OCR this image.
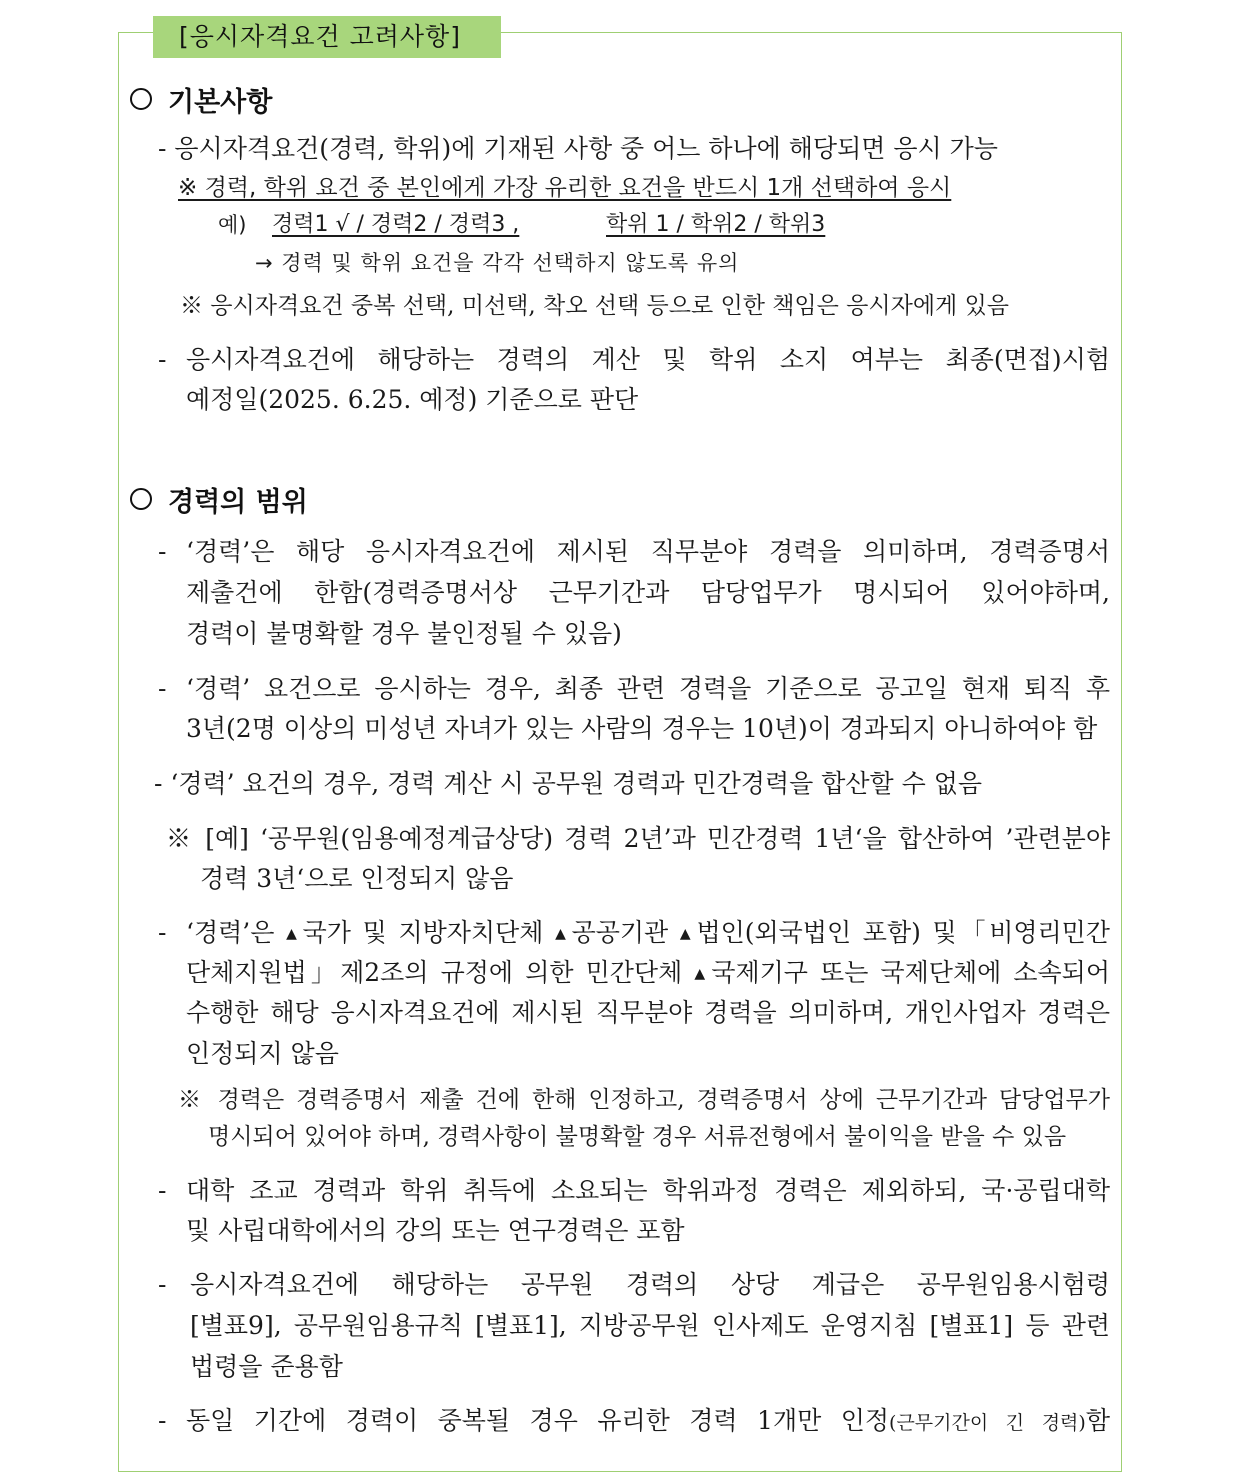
[응시자격요건 고려사항]
기본사항
- 응시자격요건(경력, 학위)에 기재된 사항 중 어느 하나에 해당되면 응시 가능
※ 경력, 학위 요건 중 본인에게 가장 유리한 요건을 반드시 1개 선택하여 응시
예) 경력1 √ / 경력2 / 경력3 ,	학위 1 / 학위2 / 학위3
→ 경력 및 학위 요건을 각각 선택하지 않도록 유의
※ 응시자격요건 중복 선택, 미선택, 착오 선택 등으로 인한 책임은 응시자에게 있음
- 응시자격요건에 해당하는 경력의 계산 및 학위 소지 여부는 최종(면접)시험
예정일(2025. 6.25. 예정) 기준으로 판단
경력의 범위
- ‘경력’은 해당 응시자격요건에 제시된 직무분야 경력을 의미하며, 경력증명서
제출건에 한함(경력증명서상 근무기간과 담당업무가 명시되어 있어야하며,
경력이 불명확할 경우 불인정될 수 있음)
- ‘경력’ 요건으로 응시하는 경우, 최종 관련 경력을 기준으로 공고일 현재 퇴직 후
3년(2명 이상의 미성년 자녀가 있는 사람의 경우는 10년)이 경과되지 아니하여야 함
- ‘경력’ 요건의 경우, 경력 계산 시 공무원 경력과 민간경력을 합산할 수 없음
※ [예] ‘공무원(임용예정계급상당) 경력 2년’과 민간경력 1년‘을 합산하여 ’관련분야
경력 3년‘으로 인정되지 않음
- ‘경력’은 ▲국가 및 지방자치단체 ▲공공기관 ▲법인(외국법인 포함) 및「비영리민간
단체지원법」제2조의 규정에 의한 민간단체 ▲국제기구 또는 국제단체에 소속되어
수행한 해당 응시자격요건에 제시된 직무분야 경력을 의미하며, 개인사업자 경력은
인정되지 않음
※ 경력은 경력증명서 제출 건에 한해 인정하고, 경력증명서 상에 근무기간과 담당업무가
명시되어 있어야 하며, 경력사항이 불명확할 경우 서류전형에서 불이익을 받을 수 있음
- 대학 조교 경력과 학위 취득에 소요되는 학위과정 경력은 제외하되, 국·공립대학
및 사립대학에서의 강의 또는 연구경력은 포함
- 응시자격요건에 해당하는 공무원 경력의 상당 계급은 공무원임용시험령
[별표9], 공무원임용규칙 [별표1], 지방공무원 인사제도 운영지침 [별표1] 등 관련
법령을 준용함
- 동일 기간에 경력이 중복될 경우 유리한 경력 1개만 인정(근무기간이 긴 경력)함
